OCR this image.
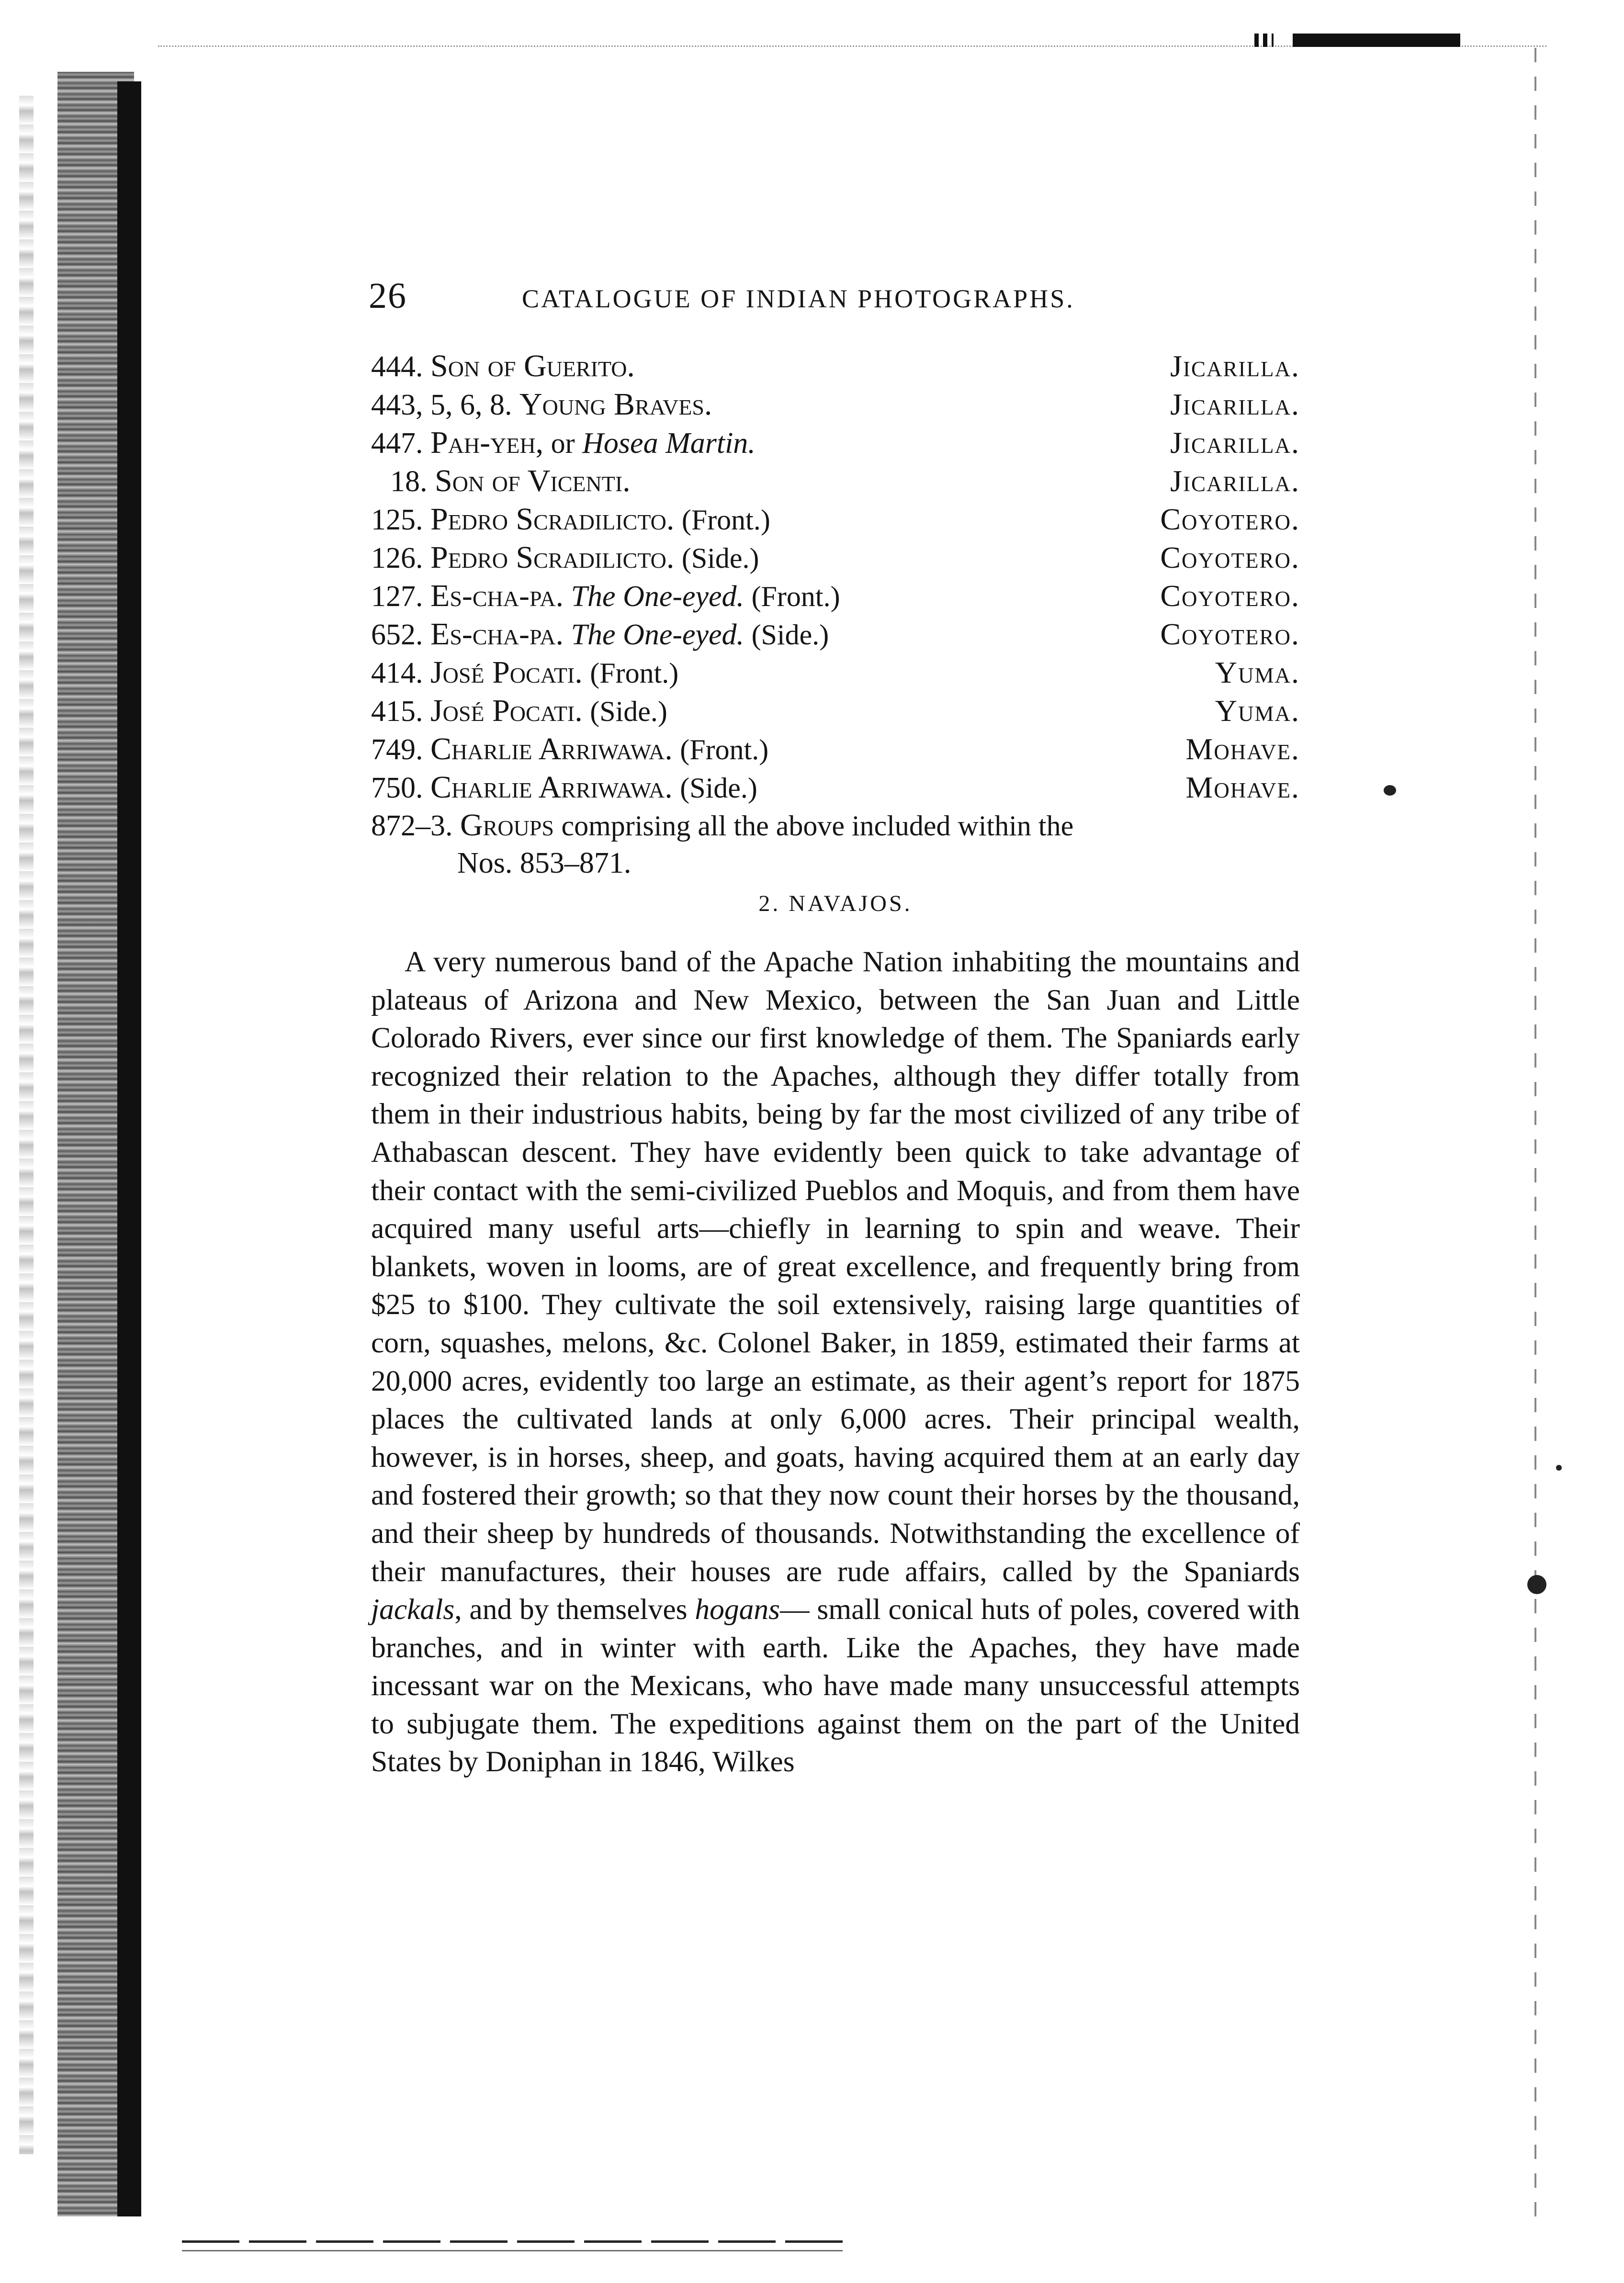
26	CATALOGUE OF INDIAN PHOTOGRAPHS.
444. Son of Guerito.	Jicarilla.
443, 5, 6, 8. Young Braves.	Jicarilla.
447. Pah-yeh, or Hosea Martin.	Jicarilla.
18. Son of Vicenti.	Jicarilla.
125. Pedro Scradilicto. (Front.)	Coyotero.
126. Pedro Scradilicto. (Side.)	Coyotero.
127. Es-cha-pa. The One-eyed. (Front.)	Coyotero.
652. Es-cha-pa. The One-eyed. (Side.)	Coyotero.
414. José Pocati. (Front.)	Yuma.
415. José Pocati. (Side.)	Yuma.
749. Charlie Arriwawa. (Front.)	Mohave.
750. Charlie Arriwawa. (Side.)	Mohave.
872–3. Groups comprising all the above included within the
Nos. 853–871.
2. NAVAJOS.

A very numerous band of the Apache Nation inhabiting the mountains and plateaus of Arizona and New Mexico, between the San Juan and Little Colorado Rivers, ever since our first knowledge of them. The Spaniards early recognized their relation to the Apaches, although they differ totally from them in their industrious habits, being by far the most civilized of any tribe of Athabascan descent. They have evidently been quick to take advantage of their contact with the semi-civilized Pueblos and Moquis, and from them have acquired many useful arts—chiefly in learning to spin and weave. Their blankets, woven in looms, are of great excellence, and frequently bring from $25 to $100. They cultivate the soil extensively, raising large quantities of corn, squashes, melons, &c. Colonel Baker, in 1859, estimated their farms at 20,000 acres, evidently too large an estimate, as their agent’s report for 1875 places the cultivated lands at only 6,000 acres. Their principal wealth, however, is in horses, sheep, and goats, having acquired them at an early day and fostered their growth; so that they now count their horses by the thousand, and their sheep by hundreds of thousands. Notwithstanding the excellence of their manufactures, their houses are rude affairs, called by the Spaniards jackals, and by themselves hogans— small conical huts of poles, covered with branches, and in winter with earth. Like the Apaches, they have made incessant war on the Mexicans, who have made many unsuccessful attempts to subjugate them. The expeditions against them on the part of the United States by Doniphan in 1846, Wilkes
